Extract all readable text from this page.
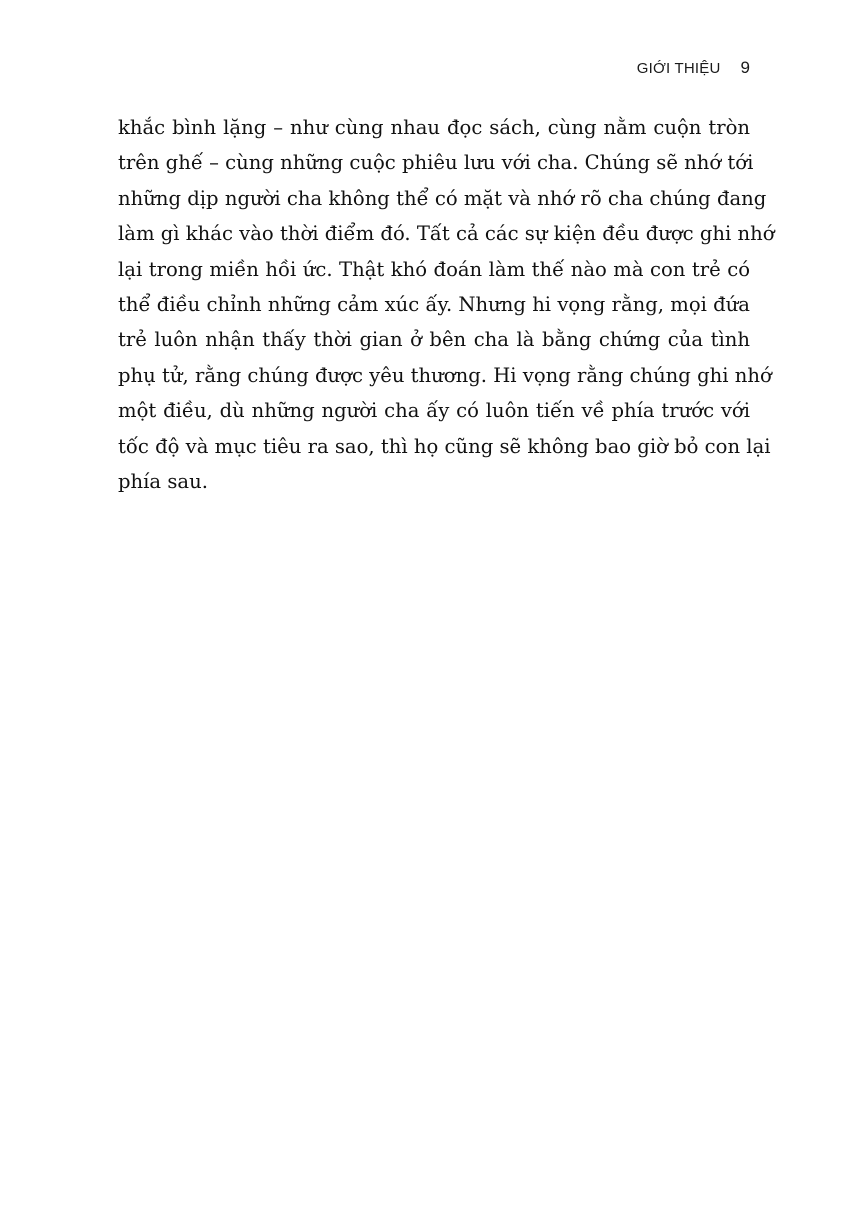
GIỚI THIỆU 9
khắc bình lặng – như cùng nhau đọc sách, cùng nằm cuộn tròn
trên ghế – cùng những cuộc phiêu lưu với cha. Chúng sẽ nhớ tới
những dịp người cha không thể có mặt và nhớ rõ cha chúng đang
làm gì khác vào thời điểm đó. Tất cả các sự kiện đều được ghi nhớ
lại trong miền hồi ức. Thật khó đoán làm thế nào mà con trẻ có
thể điều chỉnh những cảm xúc ấy. Nhưng hi vọng rằng, mọi đứa
trẻ luôn nhận thấy thời gian ở bên cha là bằng chứng của tình
phụ tử, rằng chúng được yêu thương. Hi vọng rằng chúng ghi nhớ
một điều, dù những người cha ấy có luôn tiến về phía trước với
tốc độ và mục tiêu ra sao, thì họ cũng sẽ không bao giờ bỏ con lại
phía sau.
